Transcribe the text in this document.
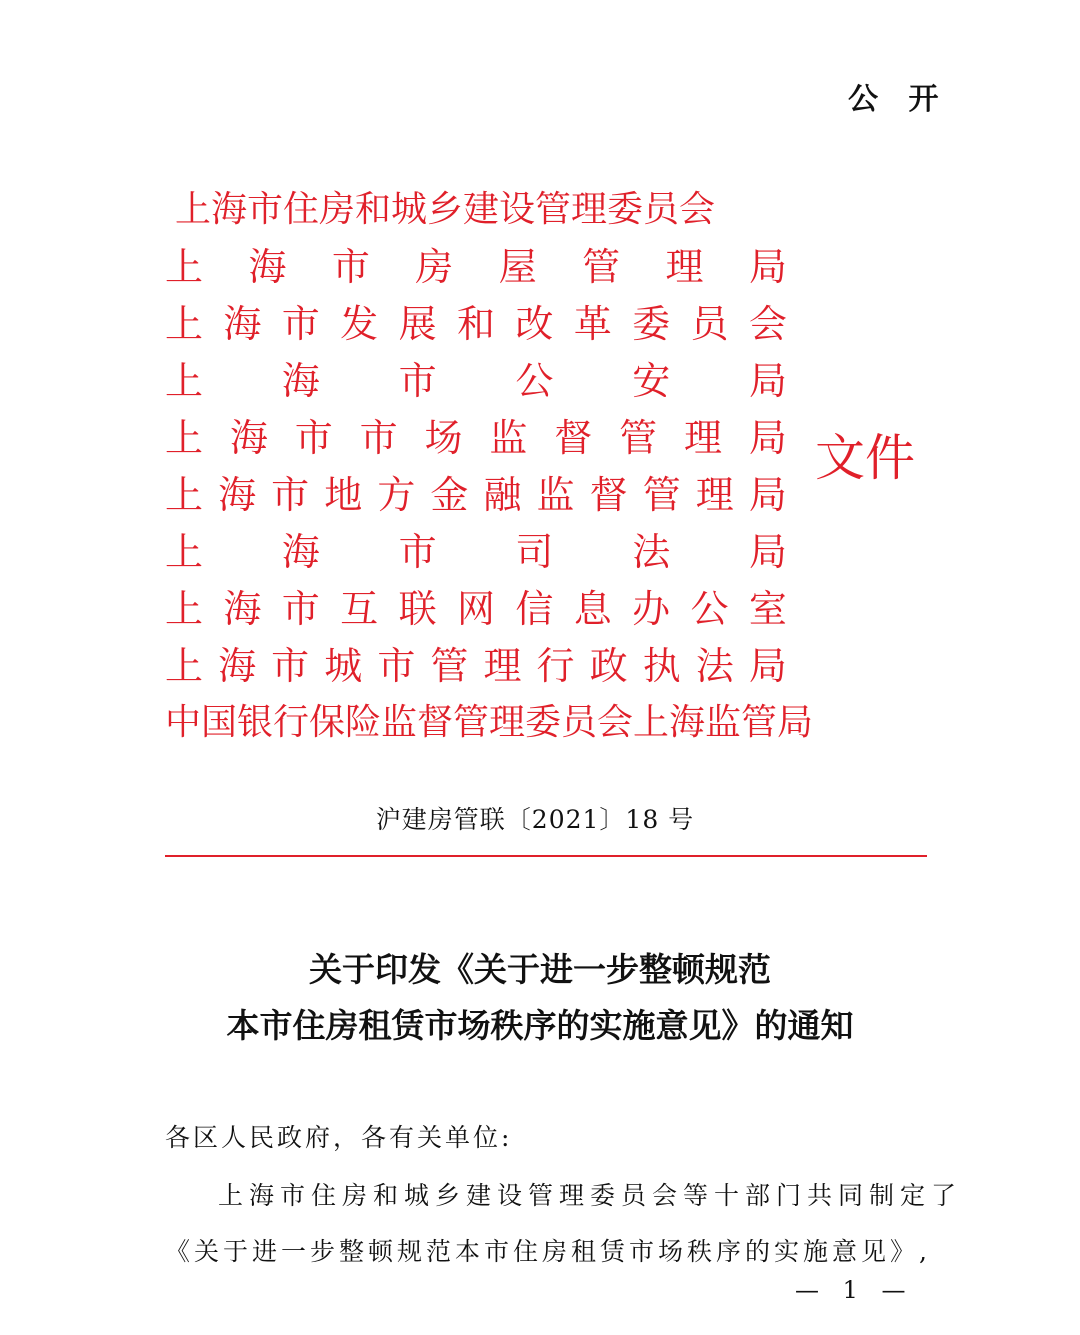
公 开
上海市住房和城乡建设管理委员会
上 海 市 房 屋 管 理 局
上 海 市 发 展 和 改 革 委 员 会
上 海 市 公 安 局
上 海 市 市 场 监 督 管 理 局
上 海 市 地 方 金 融 监 督 管 理 局
上 海 市 司 法 局
上 海 市 互 联 网 信 息 办 公 室
上 海 市 城 市 管 理 行 政 执 法 局
中国银行保险监督管理委员会上海监管局
文件
沪建房管联〔2021〕18 号
关于印发《关于进一步整顿规范
本市住房租赁市场秩序的实施意见》的通知
各区人民政府，各有关单位:
上海市住房和城乡建设管理委员会等十部门共同制定了
《关于进一步整顿规范本市住房租赁市场秩序的实施意见》,
— 1 —
